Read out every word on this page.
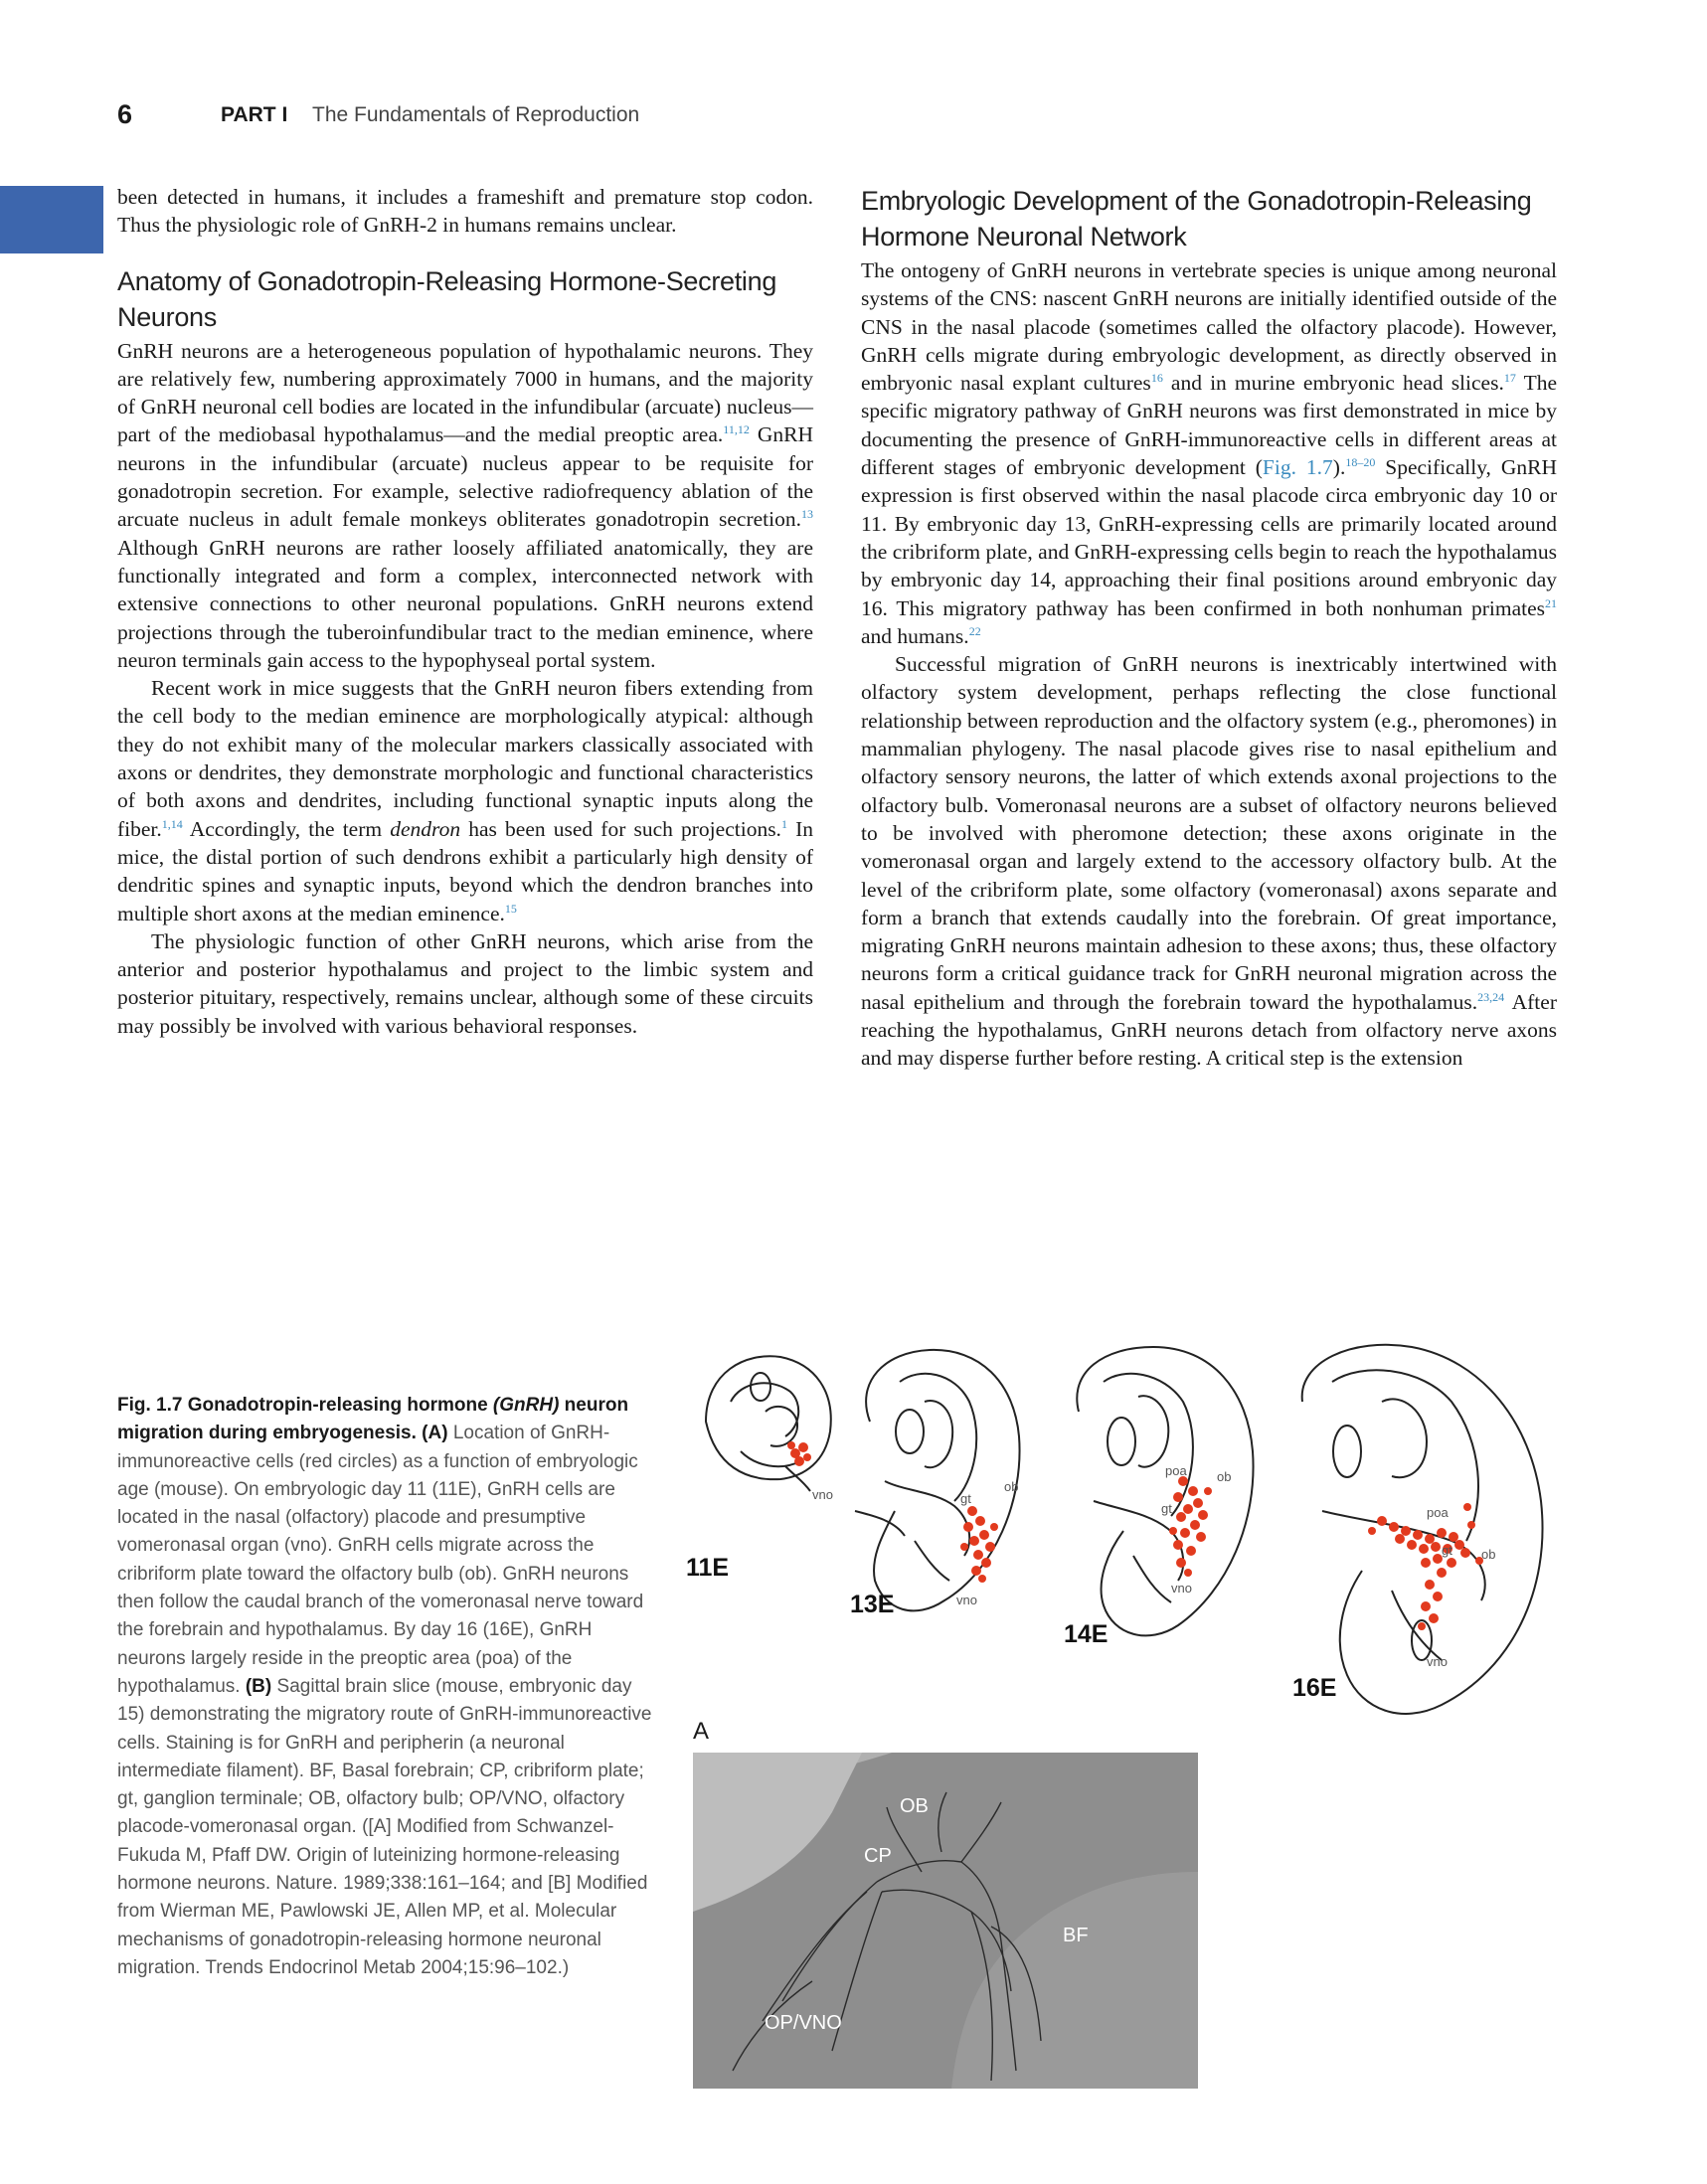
6	PART I The Fundamentals of Reproduction

been detected in humans, it includes a frameshift and premature stop codon. Thus the physiologic role of GnRH-2 in humans remains unclear.

Anatomy of Gonadotropin-Releasing Hormone-Secreting Neurons

GnRH neurons are a heterogeneous population of hypothalamic neurons. They are relatively few, numbering approximately 7000 in humans, and the majority of GnRH neuronal cell bodies are located in the infundibular (arcuate) nucleus—part of the mediobasal hypothalamus—and the medial preoptic area.$^{11,12}$ GnRH neurons in the infundibular (arcuate) nucleus appear to be requisite for gonadotropin secretion. For example, selective radiofrequency ablation of the arcuate nucleus in adult female monkeys obliterates gonadotropin secretion.$^{13}$ Although GnRH neurons are rather loosely affiliated anatomically, they are functionally integrated and form a complex, interconnected network with extensive connections to other neuronal populations. GnRH neurons extend projections through the tuberoinfundibular tract to the median eminence, where neuron terminals gain access to the hypophyseal portal system.

Recent work in mice suggests that the GnRH neuron fibers extending from the cell body to the median eminence are morphologically atypical: although they do not exhibit many of the molecular markers classically associated with axons or dendrites, they demonstrate morphologic and functional characteristics of both axons and dendrites, including functional synaptic inputs along the fiber.$^{1,14}$ Accordingly, the term dendron has been used for such projections.$^1$ In mice, the distal portion of such dendrons exhibit a particularly high density of dendritic spines and synaptic inputs, beyond which the dendron branches into multiple short axons at the median eminence.$^{15}$

The physiologic function of other GnRH neurons, which arise from the anterior and posterior hypothalamus and project to the limbic system and posterior pituitary, respectively, remains unclear, although some of these circuits may possibly be involved with various behavioral responses.

Embryologic Development of the Gonadotropin-Releasing Hormone Neuronal Network

The ontogeny of GnRH neurons in vertebrate species is unique among neuronal systems of the CNS: nascent GnRH neurons are initially identified outside of the CNS in the nasal placode (sometimes called the olfactory placode). However, GnRH cells migrate during embryologic development, as directly observed in embryonic nasal explant cultures$^{16}$ and in murine embryonic head slices.$^{17}$ The specific migratory pathway of GnRH neurons was first demonstrated in mice by documenting the presence of GnRH-immunoreactive cells in different areas at different stages of embryonic development (Fig. 1.7).$^{18-20}$ Specifically, GnRH expression is first observed within the nasal placode circa embryonic day 10 or 11. By embryonic day 13, GnRH-expressing cells are primarily located around the cribriform plate, and GnRH-expressing cells begin to reach the hypothalamus by embryonic day 14, approaching their final positions around embryonic day 16. This migratory pathway has been confirmed in both nonhuman primates$^{21}$ and humans.$^{22}$

Successful migration of GnRH neurons is inextricably intertwined with olfactory system development, perhaps reflecting the close functional relationship between reproduction and the olfactory system (e.g., pheromones) in mammalian phylogeny. The nasal placode gives rise to nasal epithelium and olfactory sensory neurons, the latter of which extends axonal projections to the olfactory bulb. Vomeronasal neurons are a subset of olfactory neurons believed to be involved with pheromone detection; these axons originate in the vomeronasal organ and largely extend to the accessory olfactory bulb. At the level of the cribriform plate, some olfactory (vomeronasal) axons separate and form a branch that extends caudally into the forebrain. Of great importance, migrating GnRH neurons maintain adhesion to these axons; thus, these olfactory neurons form a critical guidance track for GnRH neuronal migration across the nasal epithelium and through the forebrain toward the hypothalamus.$^{23,24}$ After reaching the hypothalamus, GnRH neurons detach from olfactory nerve axons and may disperse further before resting. A critical step is the extension

Fig. 1.7 Gonadotropin-releasing hormone (GnRH) neuron migration during embryogenesis. (A) Location of GnRH-immunoreactive cells (red circles) as a function of embryologic age (mouse). On embryologic day 11 (11E), GnRH cells are located in the nasal (olfactory) placode and presumptive vomeronasal organ (vno). GnRH cells migrate across the cribriform plate toward the olfactory bulb (ob). GnRH neurons then follow the caudal branch of the vomeronasal nerve toward the forebrain and hypothalamus. By day 16 (16E), GnRH neurons largely reside in the preoptic area (poa) of the hypothalamus. (B) Sagittal brain slice (mouse, embryonic day 15) demonstrating the migratory route of GnRH-immunoreactive cells. Staining is for GnRH and peripherin (a neuronal intermediate filament). BF, Basal forebrain; CP, cribriform plate; gt, ganglion terminale; OB, olfactory bulb; OP/VNO, olfactory placode-vomeronasal organ. ([A] Modified from Schwanzel-Fukuda M, Pfaff DW. Origin of luteinizing hormone-releasing hormone neurons. Nature. 1989;338:161–164; and [B] Modified from Wierman ME, Pawlowski JE, Allen MP, et al. Molecular mechanisms of gonadotropin-releasing hormone neuronal migration. Trends Endocrinol Metab 2004;15:96–102.)
vno
11E
gt
ob
vno
13E
poa ob
gt
vno
14E
poa
ob
gt
vno
16E
A
OB
CP
BF
OP/VNO
